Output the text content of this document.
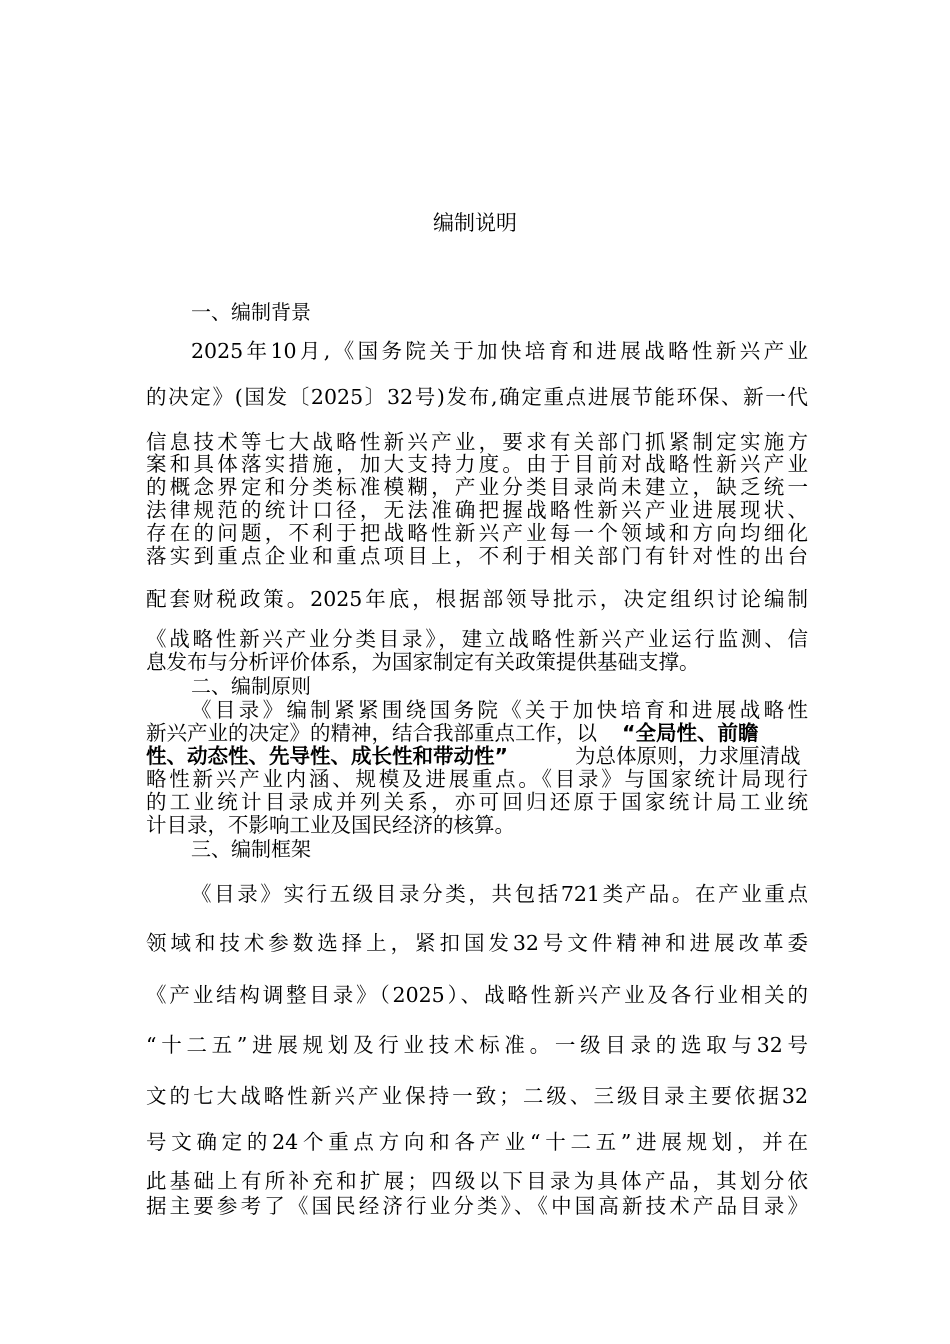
编制说明
一、编制背景
2025年10月,《国务院关于加快培育和进展战略性新兴产业
的决定》(国发〔2025〕32号)发布,确定重点进展节能环保、新一代
信息技术等七大战略性新兴产业，要求有关部门抓紧制定实施方
案和具体落实措施，加大支持力度。由于目前对战略性新兴产业
的概念界定和分类标准模糊，产业分类目录尚未建立，缺乏统一
法律规范的统计口径，无法准确把握战略性新兴产业进展现状、
存在的问题，不利于把战略性新兴产业每一个领域和方向均细化
落实到重点企业和重点项目上，不利于相关部门有针对性的出台
配套财税政策。2025年底，根据部领导批示，决定组织讨论编制
《战略性新兴产业分类目录》，建立战略性新兴产业运行监测、信
息发布与分析评价体系，为国家制定有关政策提供基础支撑。
二、编制原则
《目录》编制紧紧围绕国务院《关于加快培育和进展战略性
新兴产业的决定》的精神，结合我部重点工作，以	“全局性、前瞻
性、动态性、先导性、成长性和带动性”	为总体原则，力求厘清战
略性新兴产业内涵、规模及进展重点。《目录》与国家统计局现行
的工业统计目录成并列关系，亦可回归还原于国家统计局工业统
计目录，不影响工业及国民经济的核算。
三、编制框架
《目录》实行五级目录分类，共包括721类产品。在产业重点
领域和技术参数选择上，紧扣国发32号文件精神和进展改革委
《产业结构调整目录》（2025）、战略性新兴产业及各行业相关的
“十二五”进展规划及行业技术标准。一级目录的选取与32号
文的七大战略性新兴产业保持一致；二级、三级目录主要依据32
号文确定的24个重点方向和各产业“十二五”进展规划，并在
此基础上有所补充和扩展；四级以下目录为具体产品，其划分依
据主要参考了《国民经济行业分类》、《中国高新技术产品目录》
